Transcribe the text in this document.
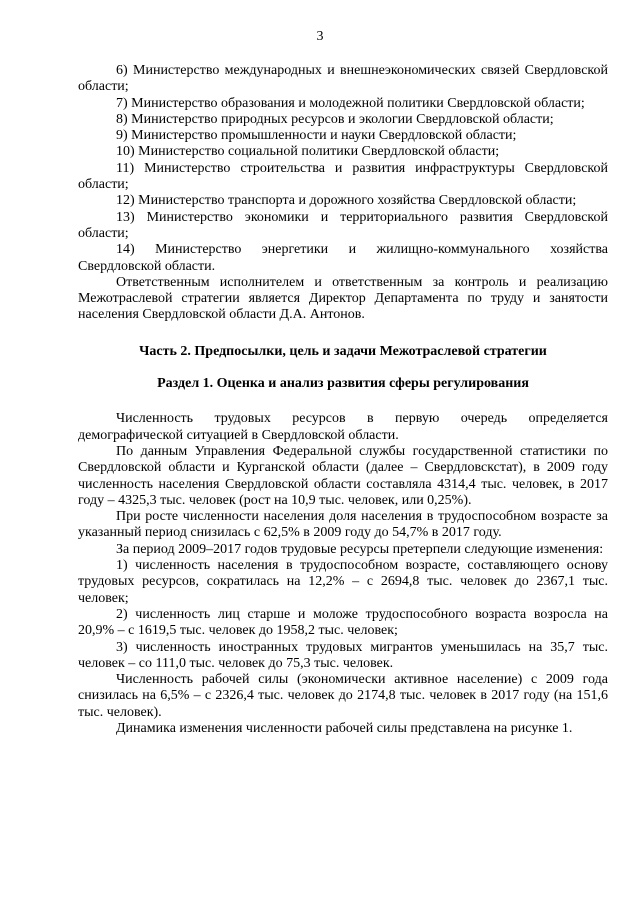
3

6) Министерство международных и внешнеэкономических связей Свердловской области;

7) Министерство образования и молодежной политики Свердловской области;

8) Министерство природных ресурсов и экологии Свердловской области;

9) Министерство промышленности и науки Свердловской области;

10) Министерство социальной политики Свердловской области;

11) Министерство строительства и развития инфраструктуры Свердловской области;

12) Министерство транспорта и дорожного хозяйства Свердловской области;

13) Министерство экономики и территориального развития Свердловской области;

14) Министерство энергетики и жилищно-коммунального хозяйства Свердловской области.

Ответственным исполнителем и ответственным за контроль и реализацию Межотраслевой стратегии является Директор Департамента по труду и занятости населения Свердловской области Д.А. Антонов.

Часть 2. Предпосылки, цель и задачи Межотраслевой стратегии

Раздел 1. Оценка и анализ развития сферы регулирования

Численность трудовых ресурсов в первую очередь определяется демографической ситуацией в Свердловской области.

По данным Управления Федеральной службы государственной статистики по Свердловской области и Курганской области (далее – Свердловскстат), в 2009 году численность населения Свердловской области составляла 4314,4 тыс. человек, в 2017 году – 4325,3 тыс. человек (рост на 10,9 тыс. человек, или 0,25%).

При росте численности населения доля населения в трудоспособном возрасте за указанный период снизилась с 62,5% в 2009 году до 54,7% в 2017 году.

За период 2009–2017 годов трудовые ресурсы претерпели следующие изменения:

1) численность населения в трудоспособном возрасте, составляющего основу трудовых ресурсов, сократилась на 12,2% – с 2694,8 тыс. человек до 2367,1 тыс. человек;

2) численность лиц старше и моложе трудоспособного возраста возросла на 20,9% – с 1619,5 тыс. человек до 1958,2 тыс. человек;

3) численность иностранных трудовых мигрантов уменьшилась на 35,7 тыс. человек – со 111,0 тыс. человек до 75,3 тыс. человек.

Численность рабочей силы (экономически активное население) с 2009 года снизилась на 6,5% – с 2326,4 тыс. человек до 2174,8 тыс. человек в 2017 году (на 151,6 тыс. человек).

Динамика изменения численности рабочей силы представлена на рисунке 1.
